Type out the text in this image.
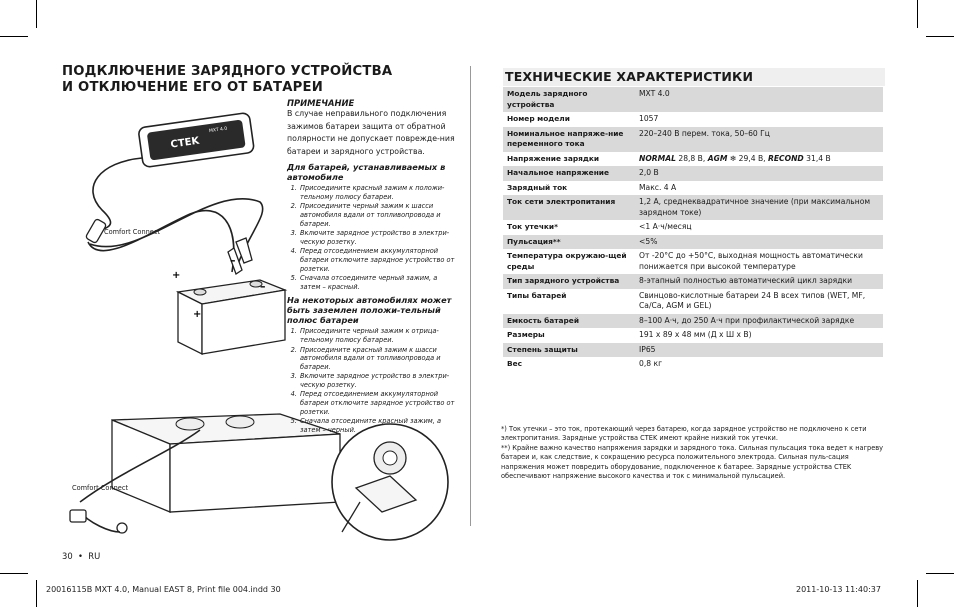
ПОДКЛЮЧЕНИЕ ЗАРЯДНОГО УСТРОЙСТВА И ОТКЛЮЧЕНИЕ ЕГО ОТ БАТАРЕИ
CTEK
MXT 4.0
Comfort Connect
+
–
+
–
Comfort Connect
ПРИМЕЧАНИЕ
В случае неправильного подключения зажимов батареи защита от обратной полярности не допускает поврежде-ния батареи и зарядного устройства.
Для батарей, устанавливаемых в автомобиле
1. Присоедините красный зажим к положи-тельному полюсу батареи.
2. Присоедините черный зажим к шасси автомобиля вдали от топливопровода и батареи.
3. Включите зарядное устройство в электри-ческую розетку.
4. Перед отсоединением аккумуляторной батареи отключите зарядное устройство от розетки.
5. Сначала отсоедините черный зажим, а затем – красный.
На некоторых автомобилях может быть заземлен положи-тельный полюс батареи
1. Присоедините черный зажим к отрица-тельному полюсу батареи.
2. Присоедините красный зажим к шасси автомобиля вдали от топливопровода и батареи.
3. Включите зарядное устройство в электри-ческую розетку.
4. Перед отсоединением аккумуляторной батареи отключите зарядное устройство от розетки.
5. Сначала отсоедините красный зажим, а затем – черный.
30 • RU
ТЕХНИЧЕСКИЕ ХАРАКТЕРИСТИКИ
Модель зарядного устройства	MXT 4.0
Номер модели	1057
Номинальное напряже-ние переменного тока	220–240 В перем. тока, 50–60 Гц
Напряжение зарядки	NORMAL 28,8 В, AGM ❄ 29,4 В, RECOND 31,4 В
Начальное напряжение	2,0 В
Зарядный ток	Макс. 4 А
Ток сети электропитания	1,2 А, среднеквадратичное значение (при максимальном зарядном токе)
Ток утечки*	<1 А·ч/месяц
Пульсация**	<5%
Температура окружаю-щей среды	От -20°C до +50°C, выходная мощность автоматически понижается при высокой температуре
Тип зарядного устройства	8-этапный полностью автоматический цикл зарядки
Типы батарей	Свинцово-кислотные батареи 24 В всех типов (WET, MF, Ca/Ca, AGM и GEL)
Емкость батарей	8–100 А·ч, до 250 А·ч при профилактической зарядке
Размеры	191 x 89 x 48 мм (Д x Ш x В)
Степень защиты	IP65
Вес	0,8 кг
*) Ток утечки – это ток, протекающий через батарею, когда зарядное устройство не подключено к сети электропитания. Зарядные устройства CTEK имеют крайне низкий ток утечки.
**) Крайне важно качество напряжения зарядки и зарядного тока. Сильная пульсация тока ведет к нагреву батареи и, как следствие, к сокращению ресурса положительного электрода. Сильная пуль-сация напряжения может повредить оборудование, подключенное к батарее. Зарядные устройства CTEK обеспечивают напряжение высокого качества и ток с минимальной пульсацией.
20016115B MXT 4.0, Manual EAST 8, Print file 004.indd 30	2011-10-13 11:40:37
